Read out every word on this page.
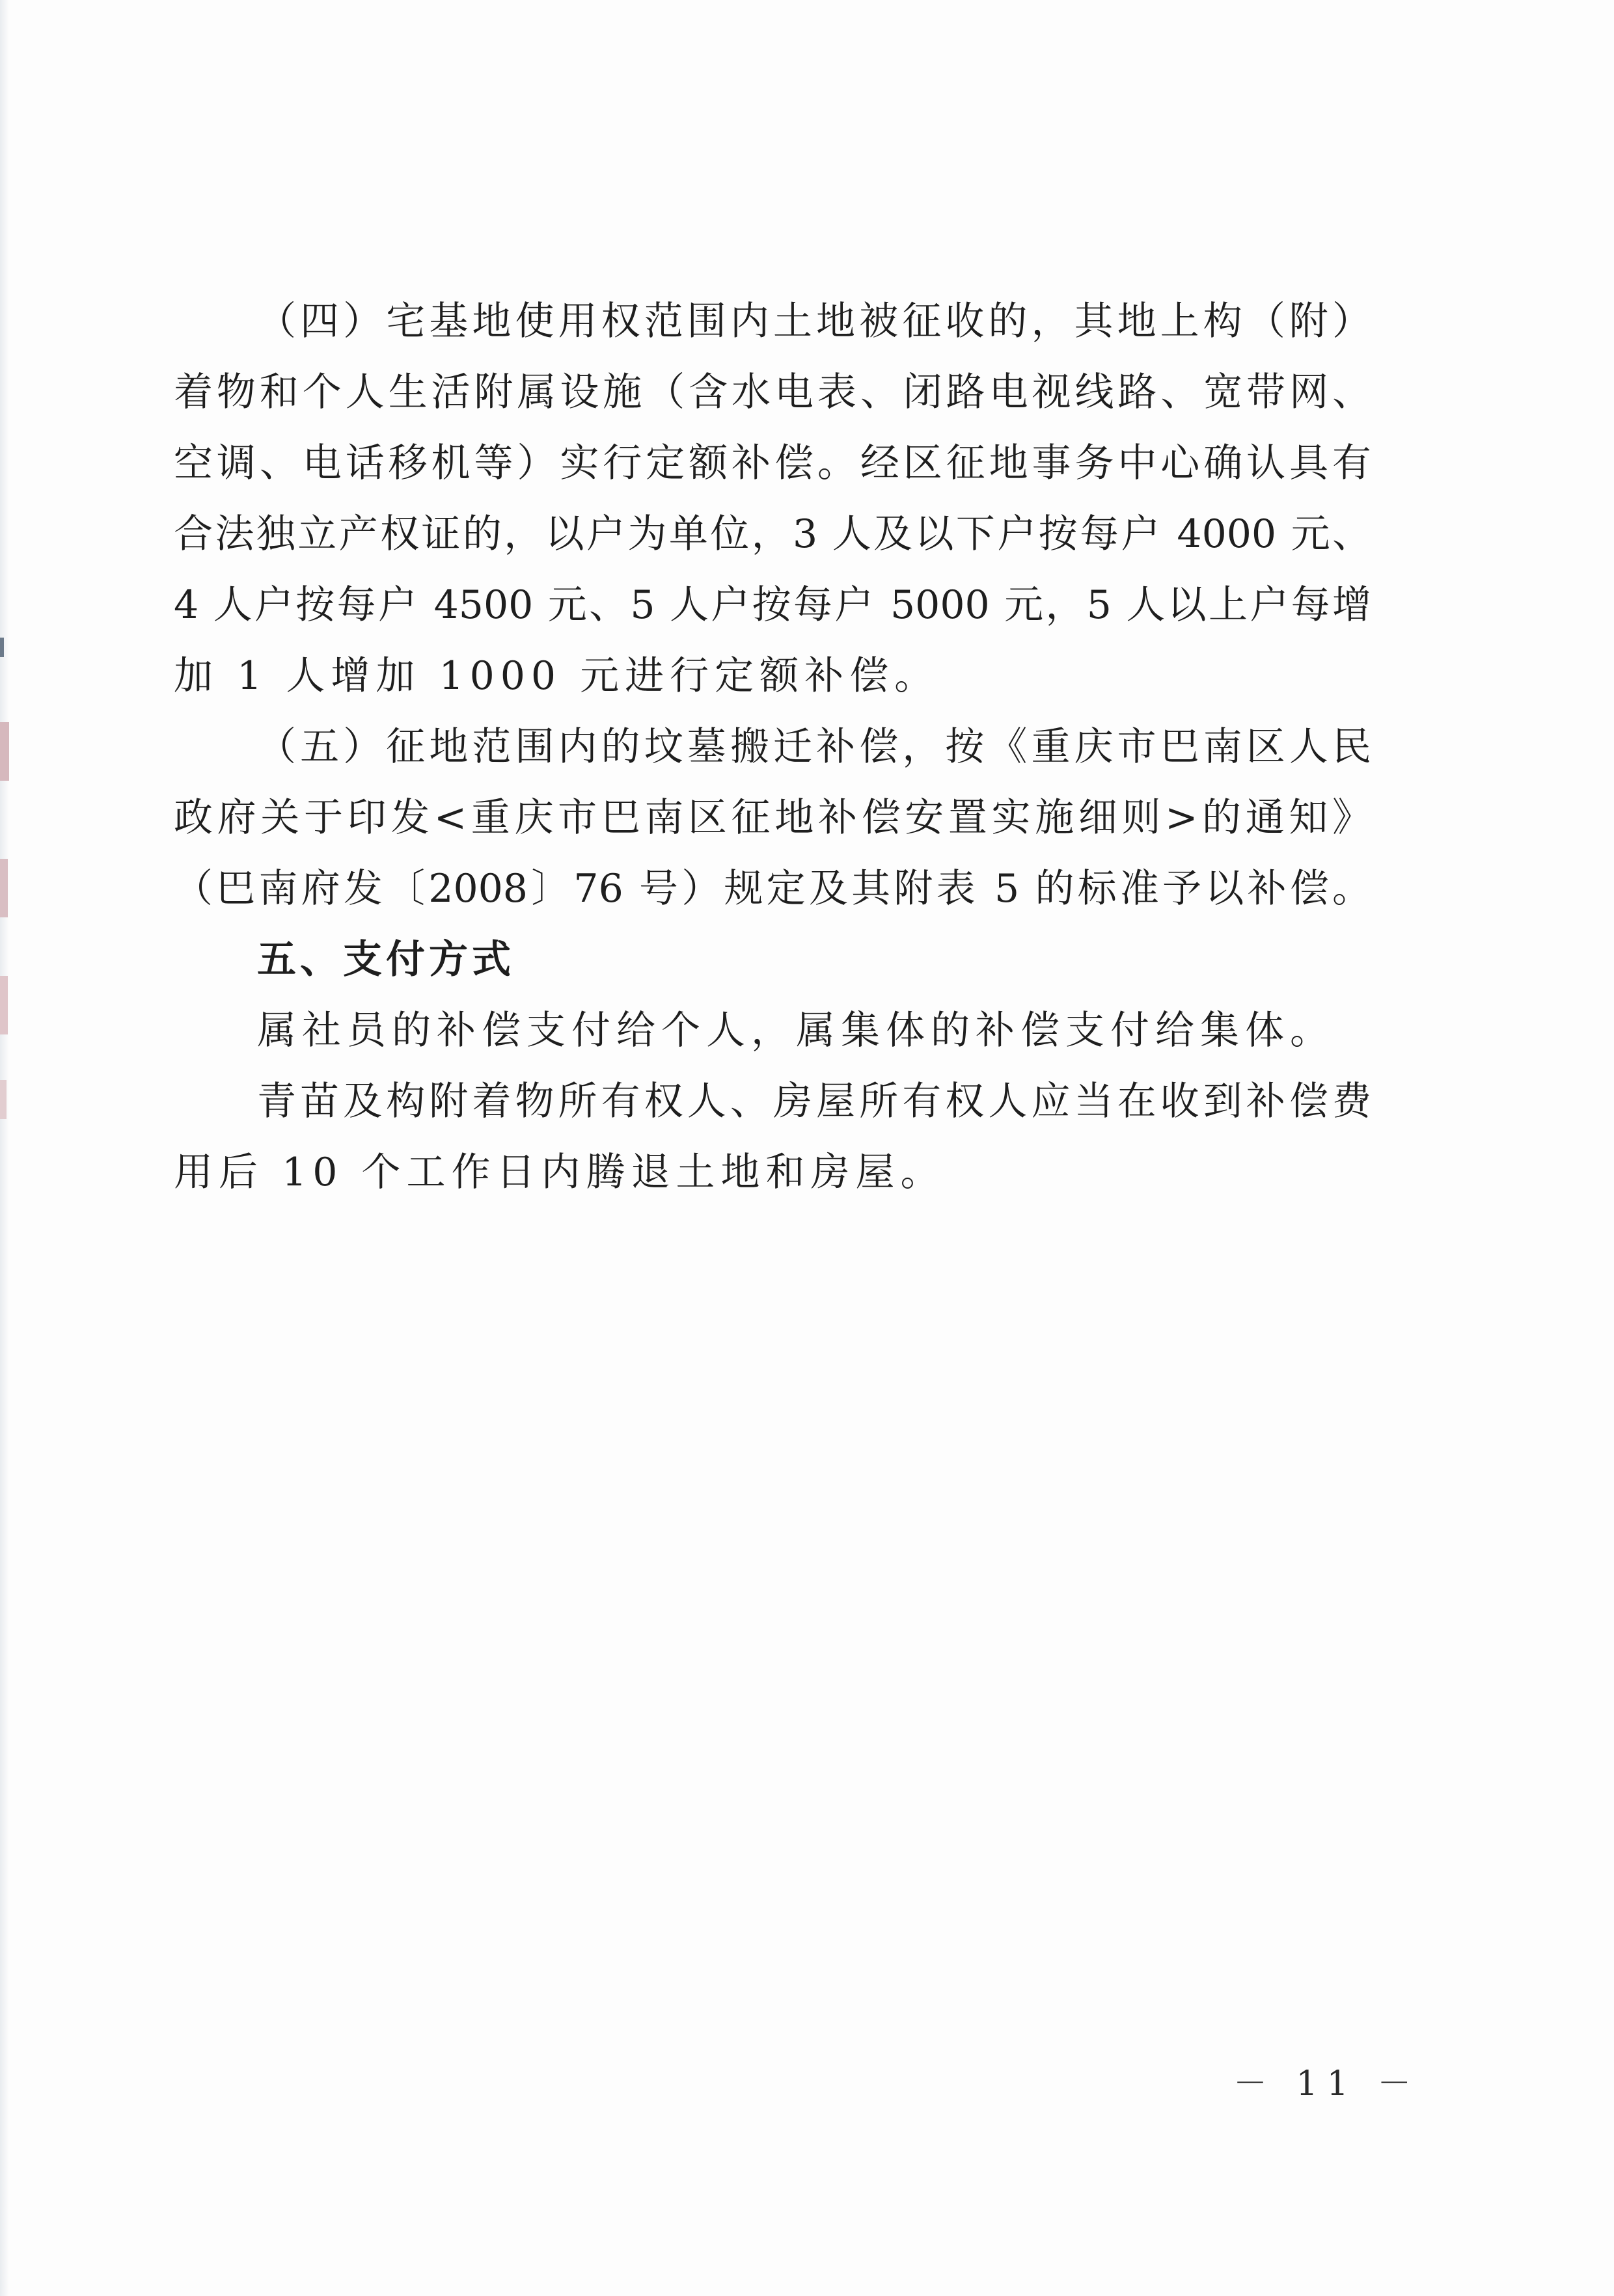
（四）宅基地使用权范围内土地被征收的，其地上构（附）
着物和个人生活附属设施（含水电表、闭路电视线路、宽带网、
空调、电话移机等）实行定额补偿。经区征地事务中心确认具有
合法独立产权证的，以户为单位，3 人及以下户按每户 4000 元、
4 人户按每户 4500 元、5 人户按每户 5000 元，5 人以上户每增
加 1 人增加 1000 元进行定额补偿。
（五）征地范围内的坟墓搬迁补偿，按《重庆市巴南区人民
政府关于印发<重庆市巴南区征地补偿安置实施细则>的通知》
（巴南府发〔2008〕76 号）规定及其附表 5 的标准予以补偿。
五、支付方式
属社员的补偿支付给个人，属集体的补偿支付给集体。
青苗及构附着物所有权人、房屋所有权人应当在收到补偿费
用后 10 个工作日内腾退土地和房屋。
－ 11 －
